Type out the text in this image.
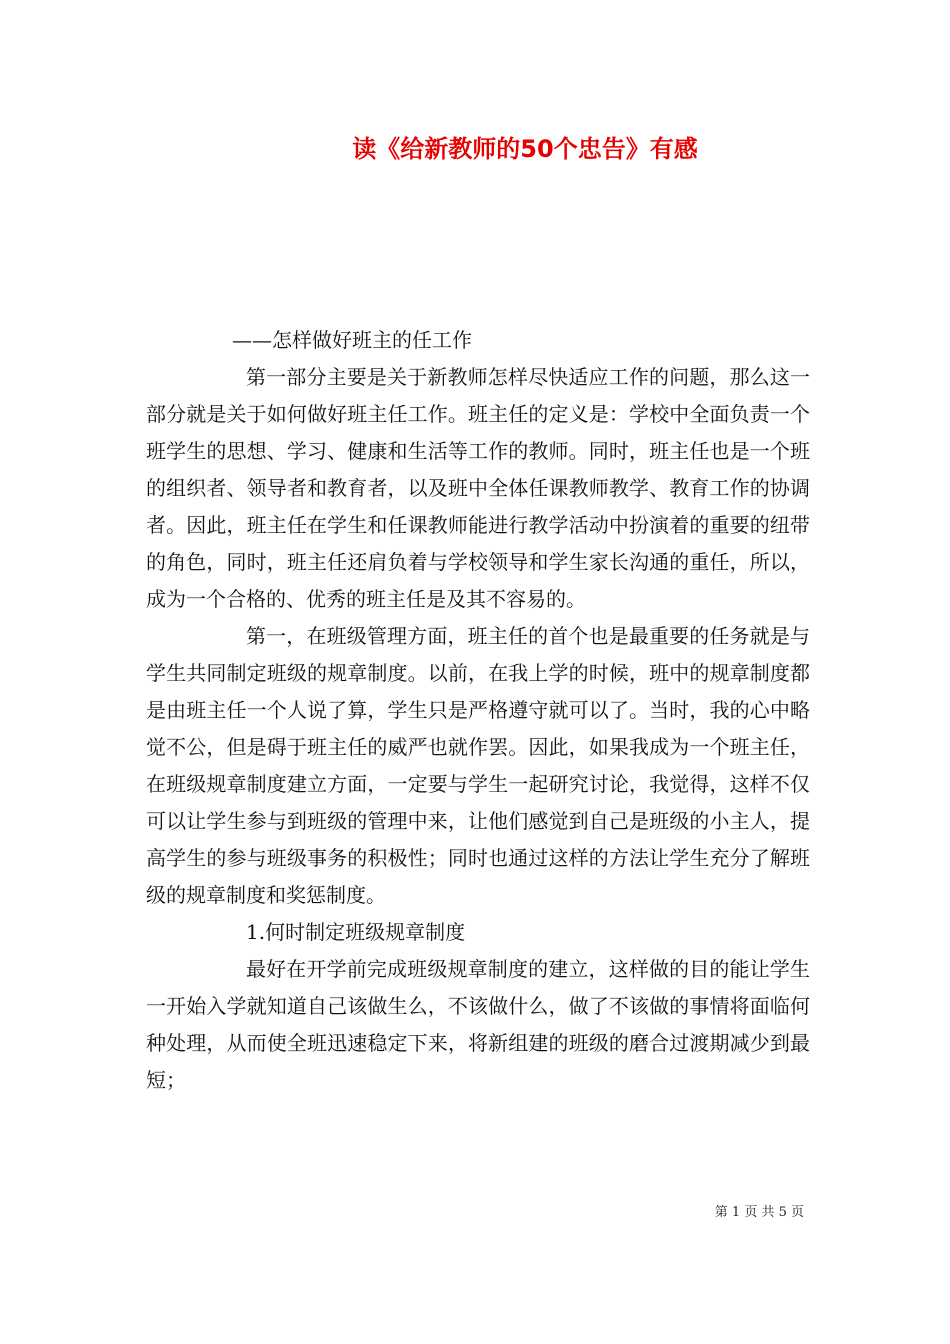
读《给新教师的50个忠告》有感

——怎样做好班主的任工作

第一部分主要是关于新教师怎样尽快适应工作的问题，那么这一部分就是关于如何做好班主任工作。班主任的定义是：学校中全面负责一个班学生的思想、学习、健康和生活等工作的教师。同时，班主任也是一个班的组织者、领导者和教育者，以及班中全体任课教师教学、教育工作的协调者。因此，班主任在学生和任课教师能进行教学活动中扮演着的重要的纽带的角色，同时，班主任还肩负着与学校领导和学生家长沟通的重任，所以，成为一个合格的、优秀的班主任是及其不容易的。

第一，在班级管理方面，班主任的首个也是最重要的任务就是与学生共同制定班级的规章制度。以前，在我上学的时候，班中的规章制度都是由班主任一个人说了算，学生只是严格遵守就可以了。当时，我的心中略觉不公，但是碍于班主任的威严也就作罢。因此，如果我成为一个班主任，在班级规章制度建立方面，一定要与学生一起研究讨论，我觉得，这样不仅可以让学生参与到班级的管理中来，让他们感觉到自己是班级的小主人，提高学生的参与班级事务的积极性；同时也通过这样的方法让学生充分了解班级的规章制度和奖惩制度。

1.何时制定班级规章制度

最好在开学前完成班级规章制度的建立，这样做的目的能让学生一开始入学就知道自己该做生么，不该做什么，做了不该做的事情将面临何种处理，从而使全班迅速稳定下来，将新组建的班级的磨合过渡期减少到最短；

第 1 页 共 5 页
